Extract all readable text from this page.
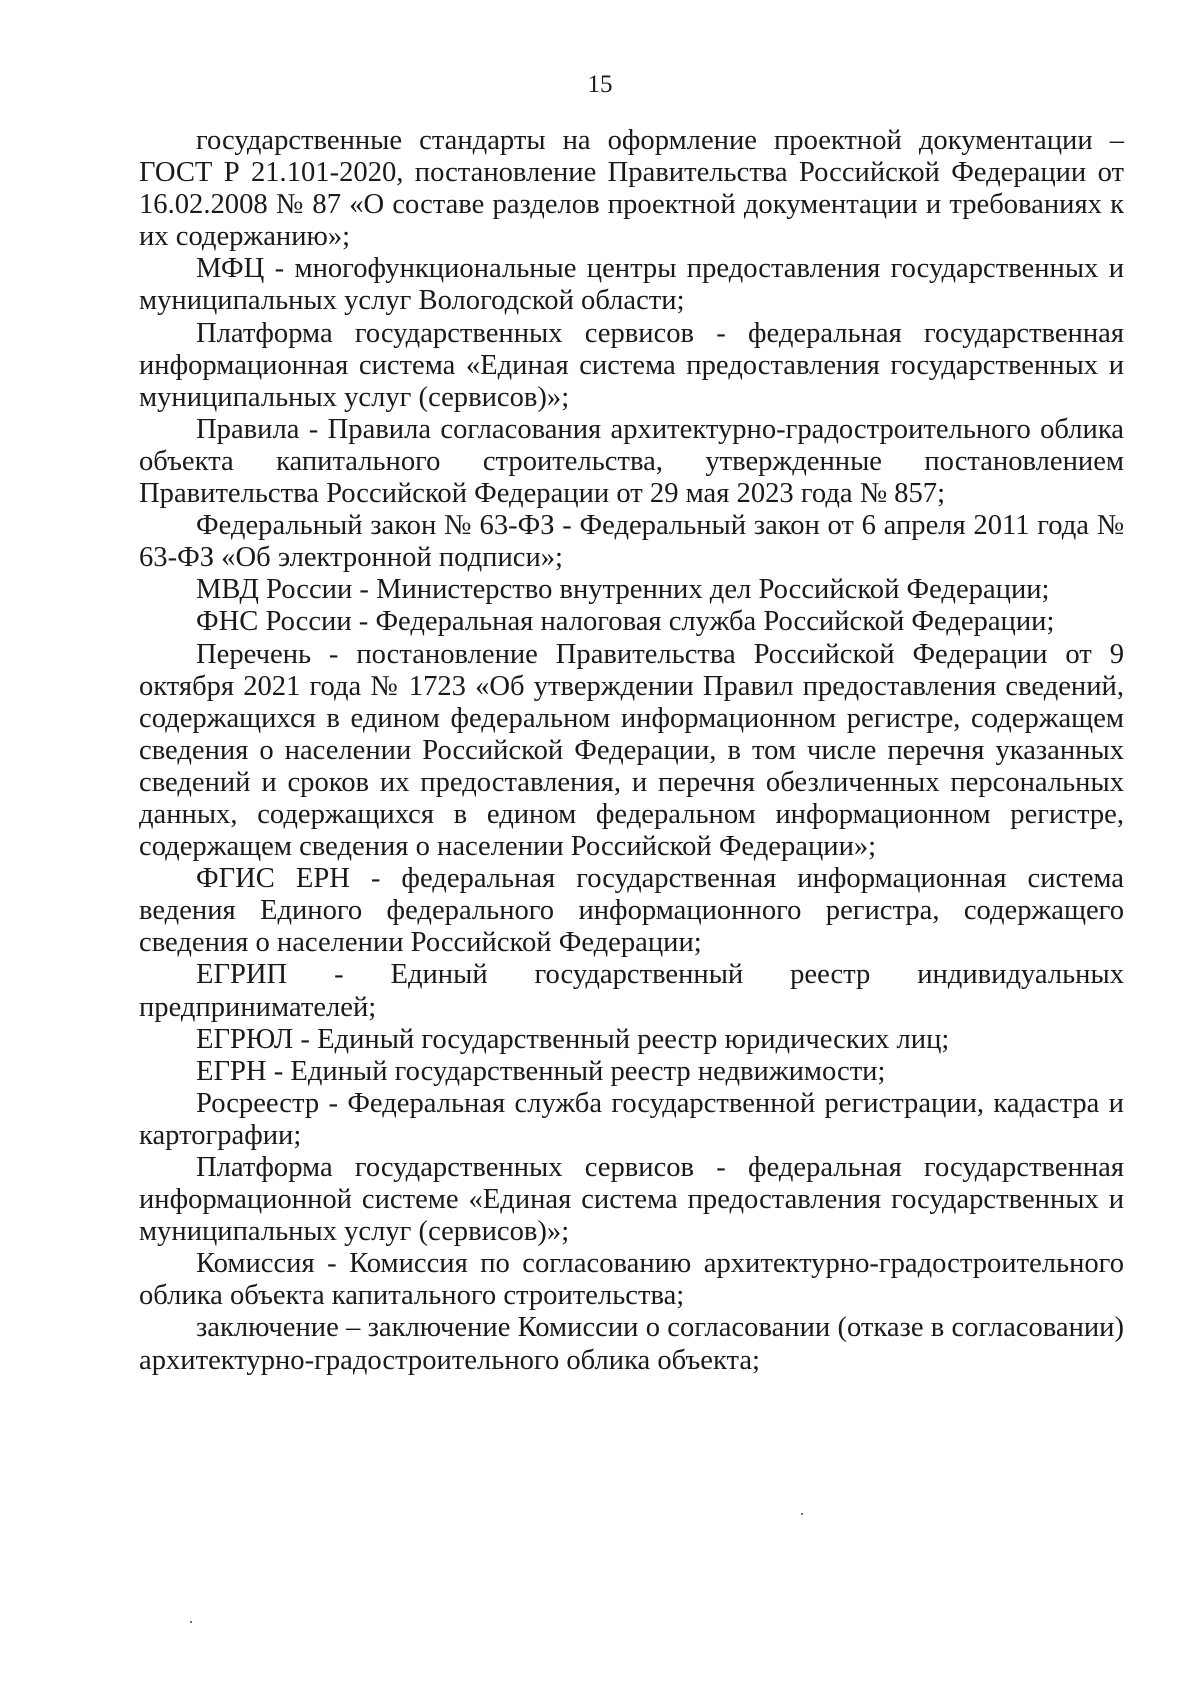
15

государственные стандарты на оформление проектной документации – ГОСТ Р 21.101-2020, постановление Правительства Российской Федерации от 16.02.2008 № 87 «О составе разделов проектной документации и требованиях к их содержанию»;

МФЦ - многофункциональные центры предоставления государственных и муниципальных услуг Вологодской области;

Платформа государственных сервисов - федеральная государственная информационная система «Единая система предоставления государственных и муниципальных услуг (сервисов)»;

Правила - Правила согласования архитектурно-градостроительного облика объекта капитального строительства, утвержденные постановлением Правительства Российской Федерации от 29 мая 2023 года № 857;

Федеральный закон № 63-ФЗ - Федеральный закон от 6 апреля 2011 года № 63-ФЗ «Об электронной подписи»;

МВД России - Министерство внутренних дел Российской Федерации;

ФНС России - Федеральная налоговая служба Российской Федерации;

Перечень - постановление Правительства Российской Федерации от 9 октября 2021 года № 1723 «Об утверждении Правил предоставления сведений, содержащихся в едином федеральном информационном регистре, содержащем сведения о населении Российской Федерации, в том числе перечня указанных сведений и сроков их предоставления, и перечня обезличенных персональных данных, содержащихся в едином федеральном информационном регистре, содержащем сведения о населении Российской Федерации»;

ФГИС ЕРН - федеральная государственная информационная система ведения Единого федерального информационного регистра, содержащего сведения о населении Российской Федерации;

ЕГРИП - Единый государственный реестр индивидуальных предпринимателей;

ЕГРЮЛ - Единый государственный реестр юридических лиц;

ЕГРН - Единый государственный реестр недвижимости;

Росреестр - Федеральная служба государственной регистрации, кадастра и картографии;

Платформа государственных сервисов - федеральная государственная информационной системе «Единая система предоставления государственных и муниципальных услуг (сервисов)»;

Комиссия - Комиссия по согласованию архитектурно-градостроительного облика объекта капитального строительства;

заключение – заключение Комиссии о согласовании (отказе в согласовании) архитектурно-градостроительного облика объекта;
